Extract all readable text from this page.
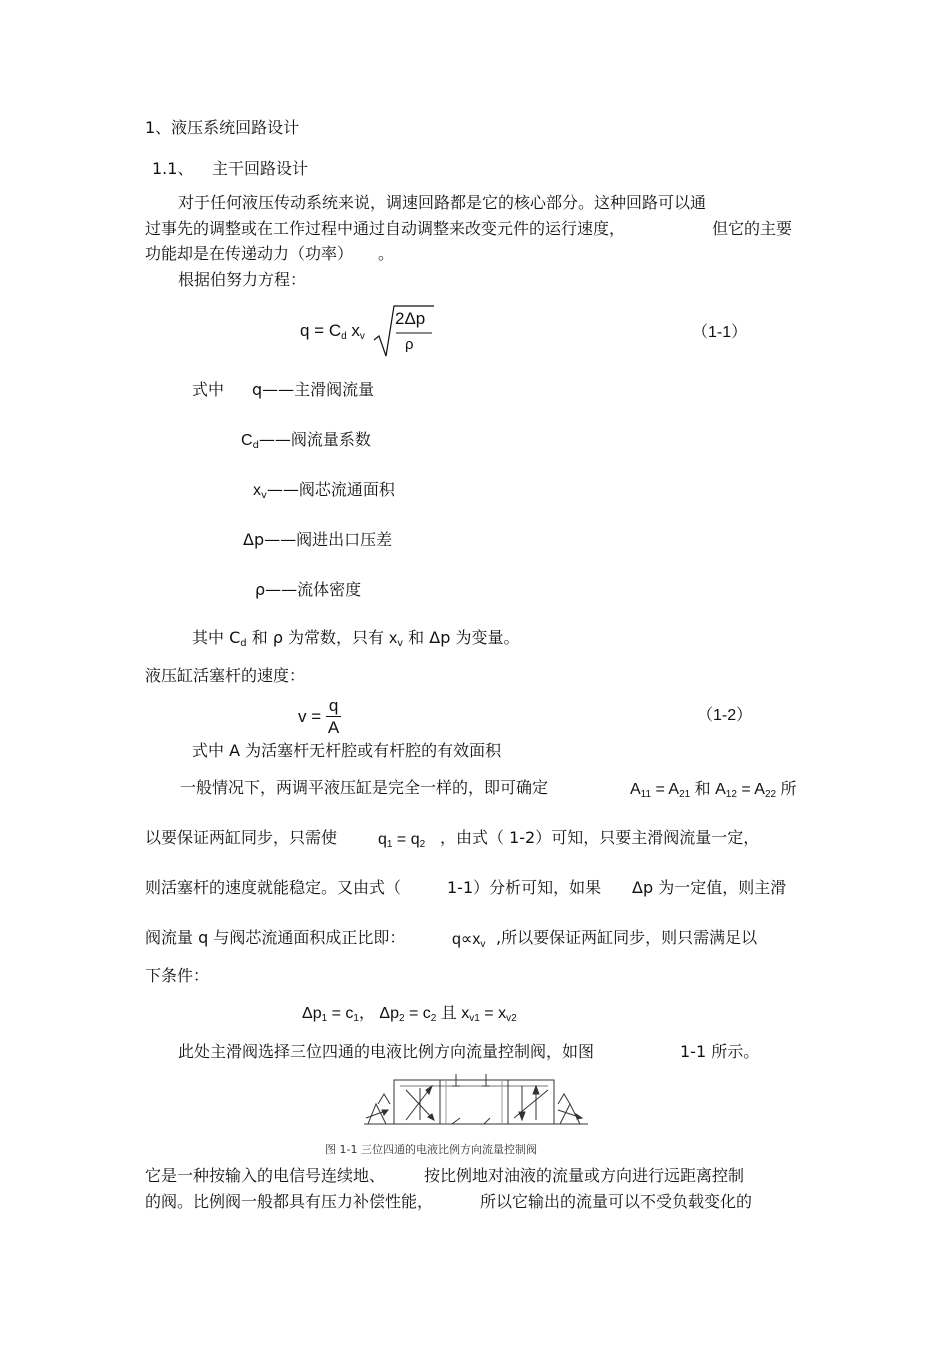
1、液压系统回路设计
1.1、 主干回路设计
对于任何液压传动系统来说，调速回路都是它的核心部分。这种回路可以通
过事先的调整或在工作过程中通过自动调整来改变元件的运行速度，	但它的主要
功能却是在传递动力（功率） 。
根据伯努力方程：
$q = C_d$ $x_v$
2Δp
ρ
（1-1）
式中 q——主滑阀流量
$C_d——$阀流量系数
$x_v——$阀芯流通面积
Δp——阀进出口压差
ρ——流体密度
其中 $C_d$ 和 ρ 为常数，只有 $x_v$ 和 Δp 为变量。
液压缸活塞杆的速度：
$v = \frac{q}{A}$	（1-2）
式中 A 为活塞杆无杆腔或有杆腔的有效面积
一般情况下，两调平液压缸是完全一样的，即可确定	$A_{11} = A_{21}$ 和 $A_{12} = A_{22}$ 所
以要保证两缸同步，只需使	$q_1 = q_2$ ，由式（ 1-2）可知，只要主滑阀流量一定，
则活塞杆的速度就能稳定。又由式（	1-1）分析可知，如果 Δp 为一定值，则主滑
阀流量 q 与阀芯流通面积成正比即：	$q\propto x_v$ ,所以要保证两缸同步，则只需满足以
下条件：
$\Delta p_1 = c_1$， $\Delta p_2 = c_2$ 且 $x_{v1} = x_{v2}$
此处主滑阀选择三位四通的电液比例方向流量控制阀，如图	1-1 所示。
图 1-1 三位四通的电液比例方向流量控制阀
它是一种按输入的电信号连续地、 按比例地对油液的流量或方向进行远距离控制
的阀。比例阀一般都具有压力补偿性能，	所以它输出的流量可以不受负载变化的
